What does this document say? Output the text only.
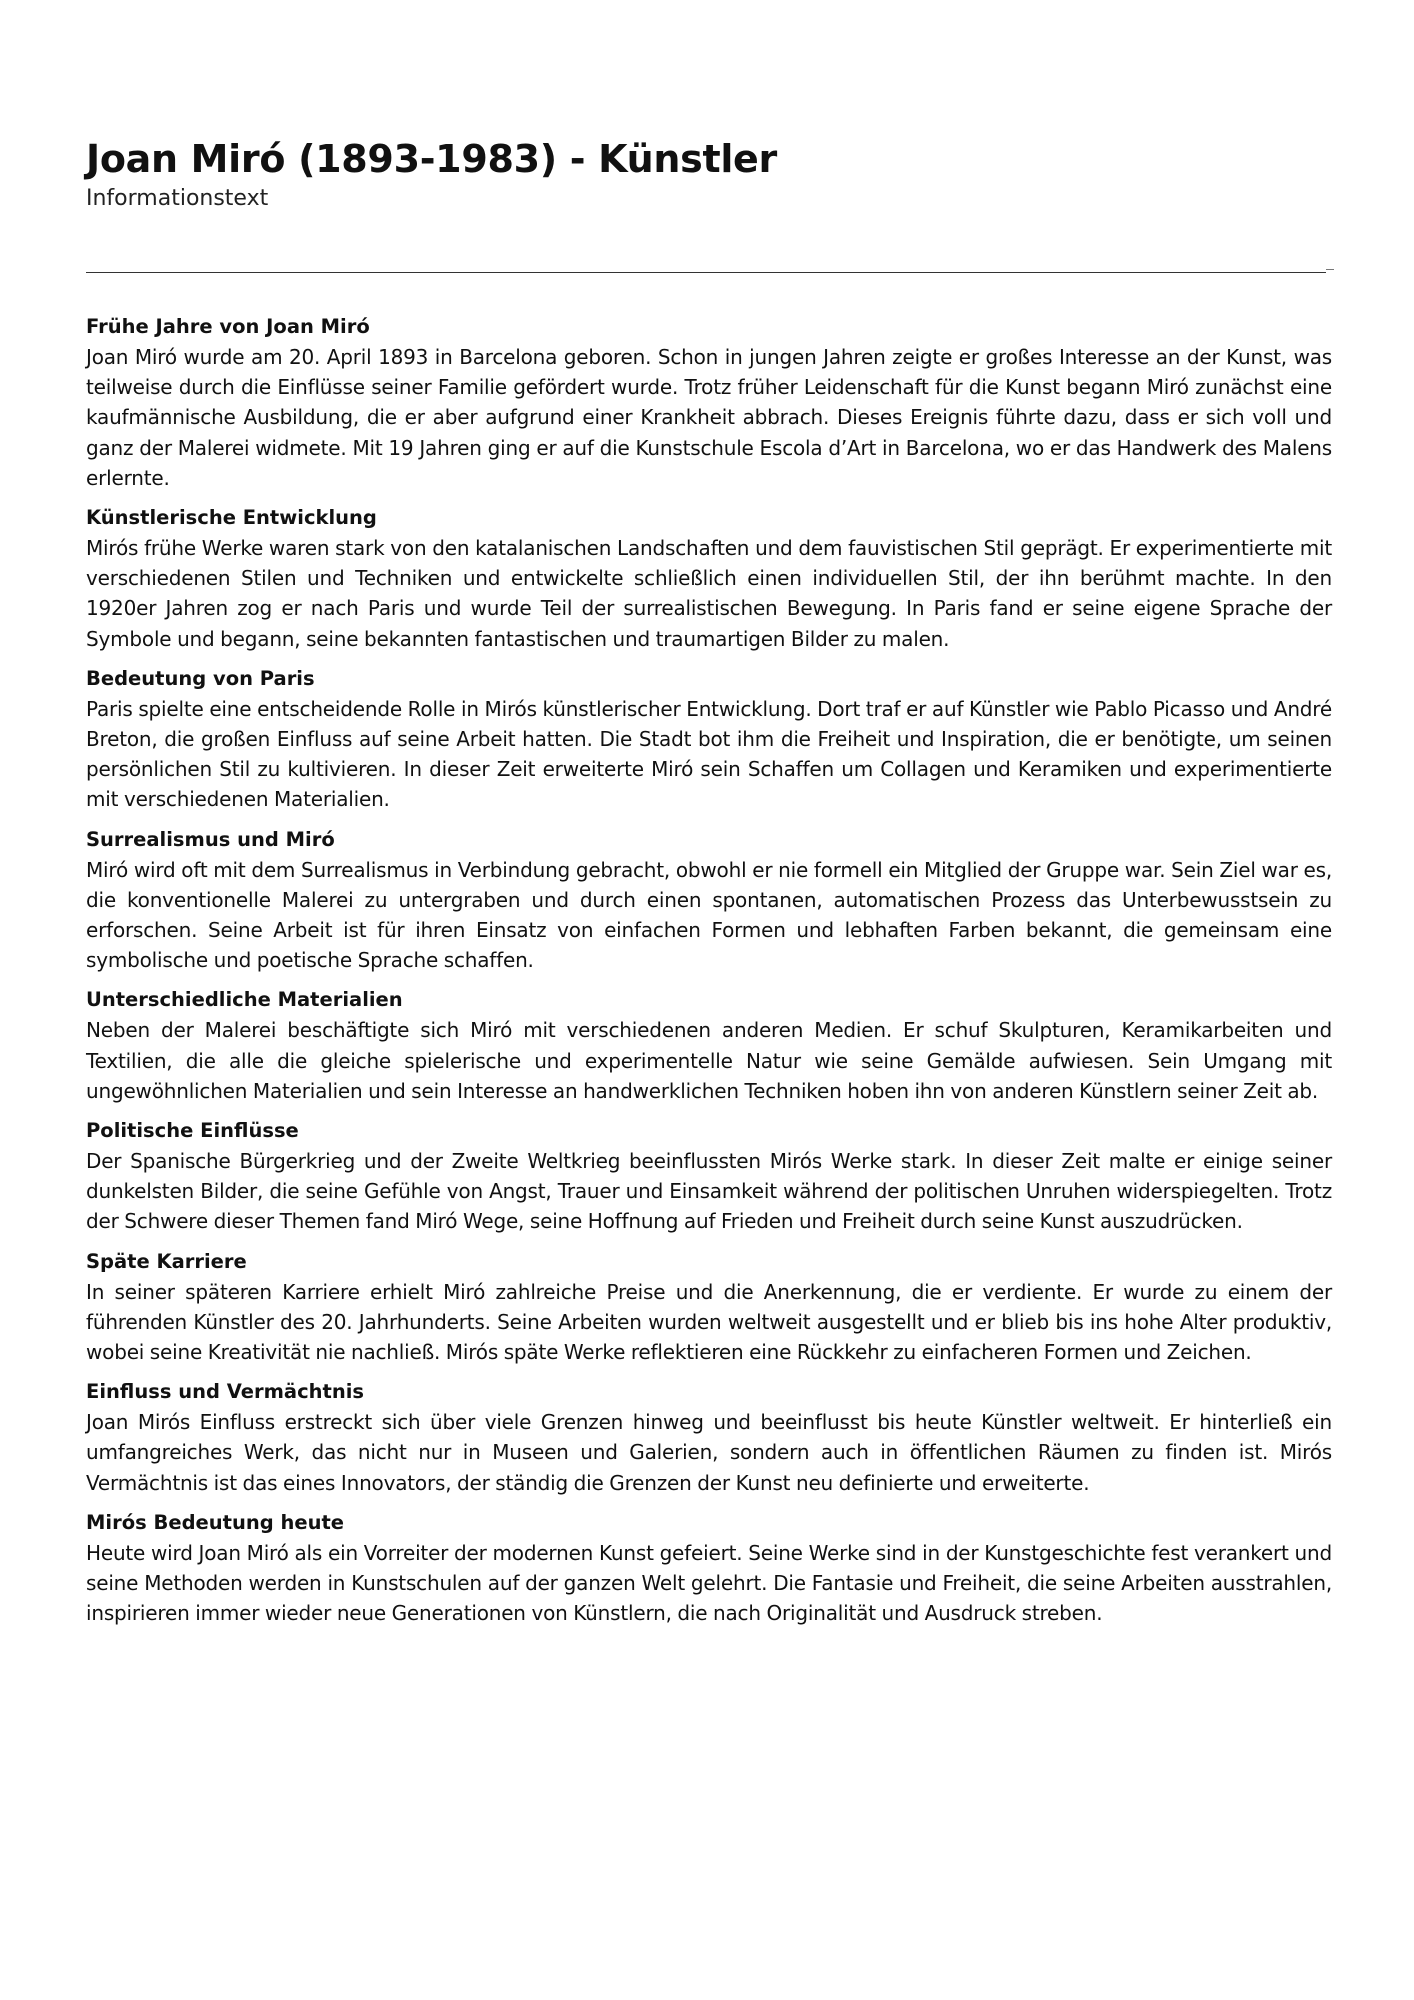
Joan Miró (1893-1983) - Künstler
Informationstext
Frühe Jahre von Joan Miró

Joan Miró wurde am 20. April 1893 in Barcelona geboren. Schon in jungen Jahren zeigte er großes Interesse an der Kunst, was teilweise durch die Einflüsse seiner Familie gefördert wurde. Trotz früher Leidenschaft für die Kunst begann Miró zunächst eine kaufmännische Ausbildung, die er aber aufgrund einer Krankheit abbrach. Dieses Ereignis führte dazu, dass er sich voll und ganz der Malerei widmete. Mit 19 Jahren ging er auf die Kunstschule Escola d’Art in Barcelona, wo er das Handwerk des Malens erlernte.

Künstlerische Entwicklung

Mirós frühe Werke waren stark von den katalanischen Landschaften und dem fauvistischen Stil geprägt. Er experimentierte mit verschiedenen Stilen und Techniken und entwickelte schließlich einen individuellen Stil, der ihn berühmt machte. In den 1920er Jahren zog er nach Paris und wurde Teil der surrealistischen Bewegung. In Paris fand er seine eigene Sprache der Symbole und begann, seine bekannten fantastischen und traumartigen Bilder zu malen.

Bedeutung von Paris

Paris spielte eine entscheidende Rolle in Mirós künstlerischer Entwicklung. Dort traf er auf Künstler wie Pablo Picasso und André Breton, die großen Einfluss auf seine Arbeit hatten. Die Stadt bot ihm die Freiheit und Inspiration, die er benötigte, um seinen persönlichen Stil zu kultivieren. In dieser Zeit erweiterte Miró sein Schaffen um Collagen und Keramiken und experimentierte mit verschiedenen Materialien.

Surrealismus und Miró

Miró wird oft mit dem Surrealismus in Verbindung gebracht, obwohl er nie formell ein Mitglied der Gruppe war. Sein Ziel war es, die konventionelle Malerei zu untergraben und durch einen spontanen, automatischen Prozess das Unterbewusstsein zu erforschen. Seine Arbeit ist für ihren Einsatz von einfachen Formen und lebhaften Farben bekannt, die gemeinsam eine symbolische und poetische Sprache schaffen.

Unterschiedliche Materialien

Neben der Malerei beschäftigte sich Miró mit verschiedenen anderen Medien. Er schuf Skulpturen, Keramikarbeiten und Textilien, die alle die gleiche spielerische und experimentelle Natur wie seine Gemälde aufwiesen. Sein Umgang mit ungewöhnlichen Materialien und sein Interesse an handwerklichen Techniken hoben ihn von anderen Künstlern seiner Zeit ab.

Politische Einflüsse

Der Spanische Bürgerkrieg und der Zweite Weltkrieg beeinflussten Mirós Werke stark. In dieser Zeit malte er einige seiner dunkelsten Bilder, die seine Gefühle von Angst, Trauer und Einsamkeit während der politischen Unruhen widerspiegelten. Trotz der Schwere dieser Themen fand Miró Wege, seine Hoffnung auf Frieden und Freiheit durch seine Kunst auszudrücken.

Späte Karriere

In seiner späteren Karriere erhielt Miró zahlreiche Preise und die Anerkennung, die er verdiente. Er wurde zu einem der führenden Künstler des 20. Jahrhunderts. Seine Arbeiten wurden weltweit ausgestellt und er blieb bis ins hohe Alter produktiv, wobei seine Kreativität nie nachließ. Mirós späte Werke reflektieren eine Rückkehr zu einfacheren Formen und Zeichen.

Einfluss und Vermächtnis

Joan Mirós Einfluss erstreckt sich über viele Grenzen hinweg und beeinflusst bis heute Künstler weltweit. Er hinterließ ein umfangreiches Werk, das nicht nur in Museen und Galerien, sondern auch in öffentlichen Räumen zu finden ist. Mirós Vermächtnis ist das eines Innovators, der ständig die Grenzen der Kunst neu definierte und erweiterte.

Mirós Bedeutung heute

Heute wird Joan Miró als ein Vorreiter der modernen Kunst gefeiert. Seine Werke sind in der Kunstgeschichte fest verankert und seine Methoden werden in Kunstschulen auf der ganzen Welt gelehrt. Die Fantasie und Freiheit, die seine Arbeiten ausstrahlen, inspirieren immer wieder neue Generationen von Künstlern, die nach Originalität und Ausdruck streben.
